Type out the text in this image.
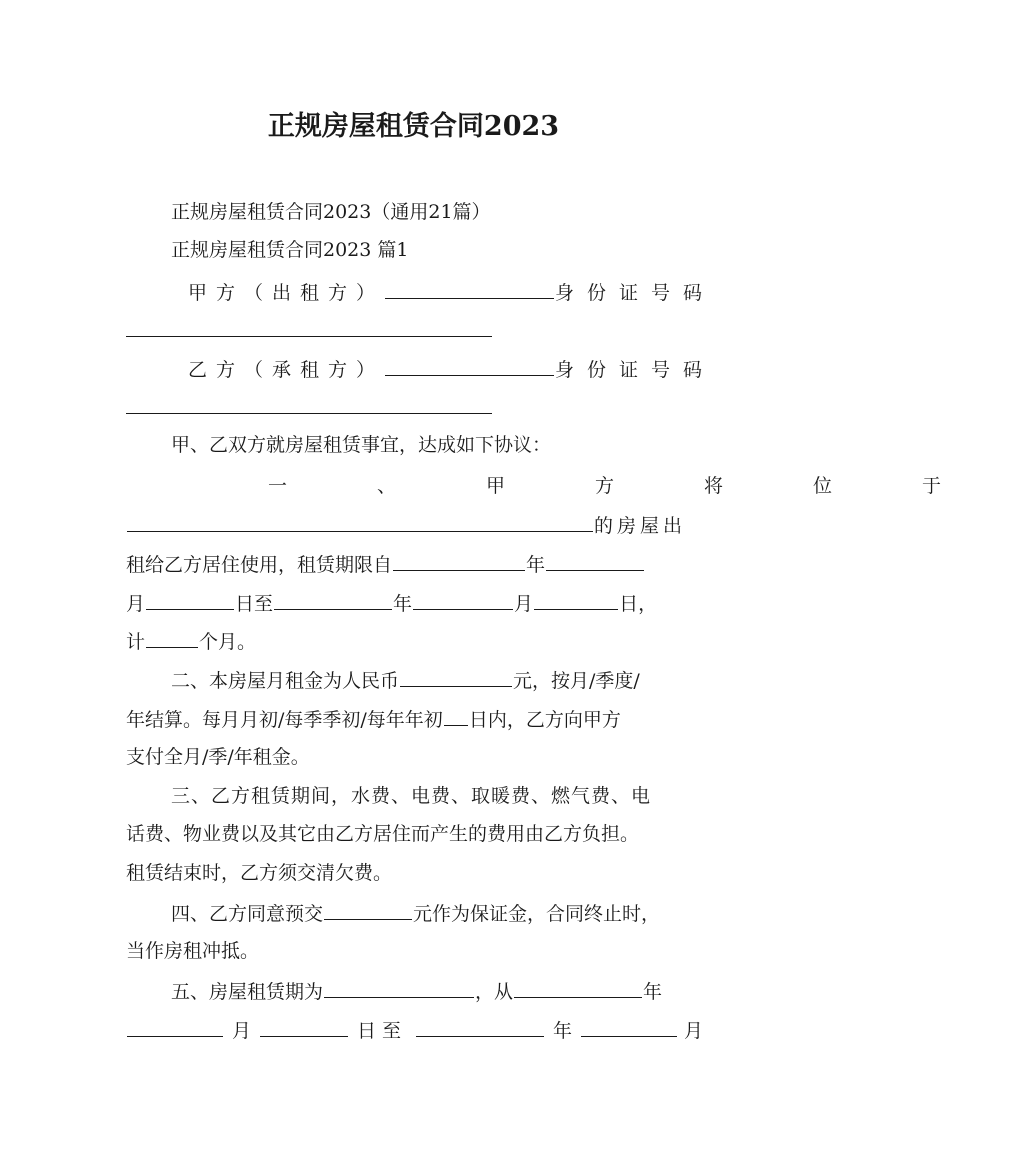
正规房屋租赁合同2023
正规房屋租赁合同2023（通用21篇）
正规房屋租赁合同2023 篇1
甲方（出租方）	身份证号码
乙方（承租方）	身份证号码
甲、乙双方就房屋租赁事宜，达成如下协议：
一、甲方将位于
的房屋出
租给乙方居住使用，租赁期限自	年
月	日至	年	月	日，
计	个月。
二、本房屋月租金为人民币	元，按月/季度/
年结算。每月月初/每季季初/每年年初 日内，乙方向甲方
支付全月/季/年租金。
三、乙方租赁期间，水费、电费、取暖费、燃气费、电
话费、物业费以及其它由乙方居住而产生的费用由乙方负担。
租赁结束时，乙方须交清欠费。
四、乙方同意预交	元作为保证金，合同终止时，
当作房租冲抵。
五、房屋租赁期为	，从	年
月	日至	年	月
